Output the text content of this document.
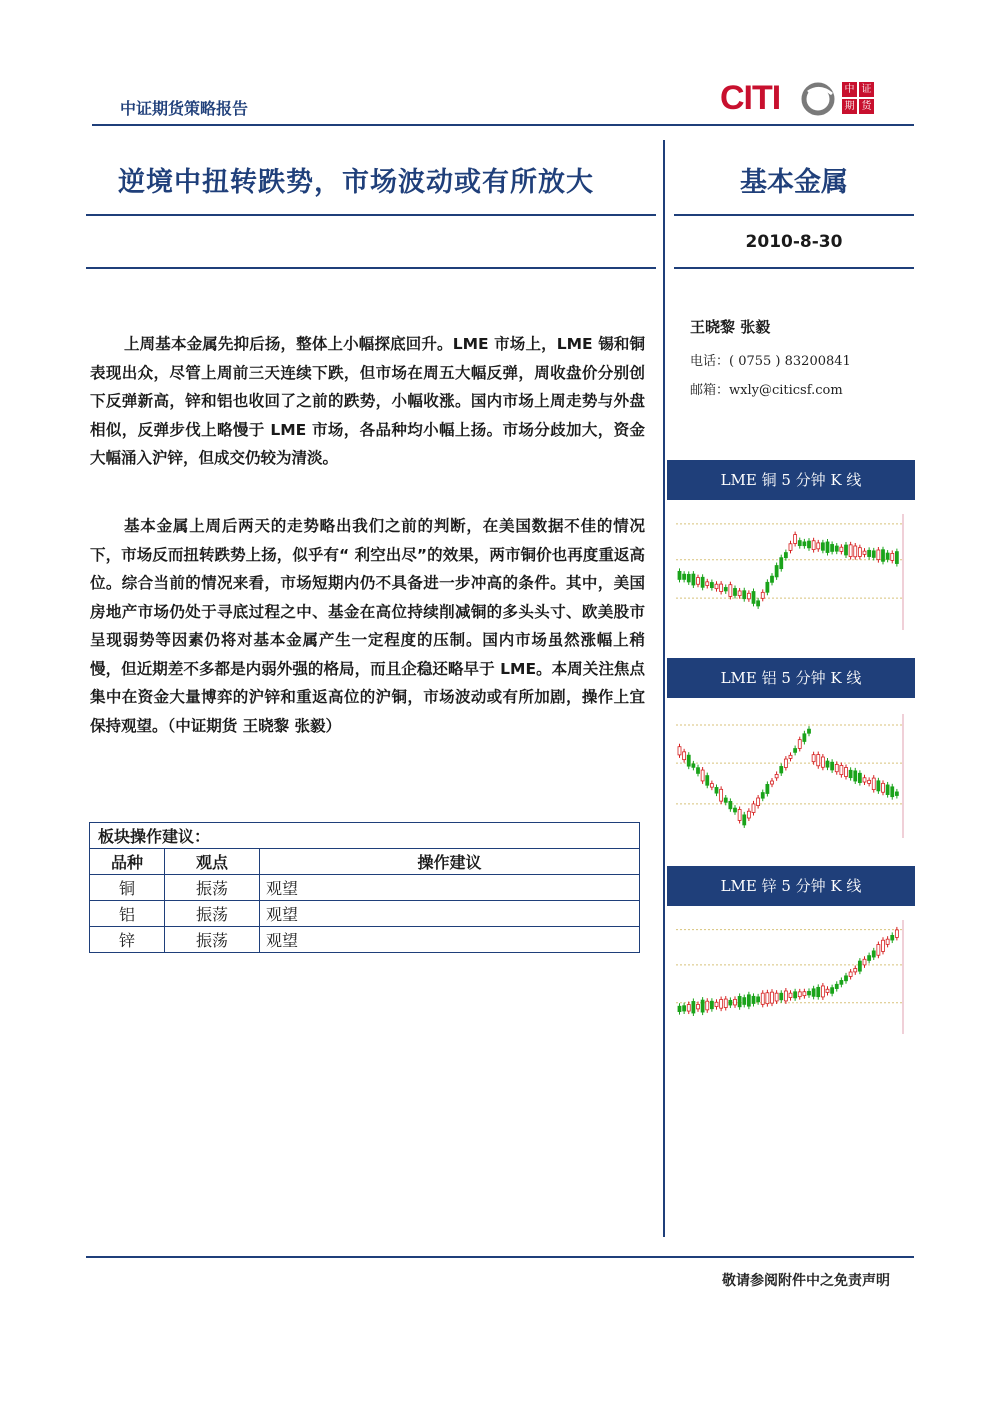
中证期货策略报告	CITI	中 证
期 货
逆境中扭转跌势，市场波动或有所放大	基本金属
2010-8-30
上周基本金属先抑后扬，整体上小幅探底回升。LME 市场上，LME 锡和铜表现出众，尽管上周前三天连续下跌，但市场在周五大幅反弹，周收盘价分别创下反弹新高，锌和铝也收回了之前的跌势，小幅收涨。国内市场上周走势与外盘相似，反弹步伐上略慢于 LME 市场，各品种均小幅上扬。市场分歧加大，资金大幅涌入沪锌，但成交仍较为清淡。
基本金属上周后两天的走势略出我们之前的判断，在美国数据不佳的情况下，市场反而扭转跌势上扬，似乎有“ 利空出尽”的效果，两市铜价也再度重返高位。综合当前的情况来看，市场短期内仍不具备进一步冲高的条件。其中，美国房地产市场仍处于寻底过程之中、基金在高位持续削减铜的多头头寸、欧美股市呈现弱势等因素仍将对基本金属产生一定程度的压制。国内市场虽然涨幅上稍慢，但近期差不多都是内弱外强的格局，而且企稳还略早于 LME。本周关注焦点集中在资金大量博弈的沪锌和重返高位的沪铜，市场波动或有所加剧，操作上宜保持观望。（中证期货 王晓黎 张毅）
板块操作建议：		
品种	观点	操作建议
铜	振荡	观望
铝	振荡	观望
锌	振荡	观望
王晓黎 张毅
电话：( 0755 ) 83200841
邮箱：wxly@citicsf.com
LME 铜 5 分钟 K 线
LME 铝 5 分钟 K 线
LME 锌 5 分钟 K 线
敬请参阅附件中之免责声明
